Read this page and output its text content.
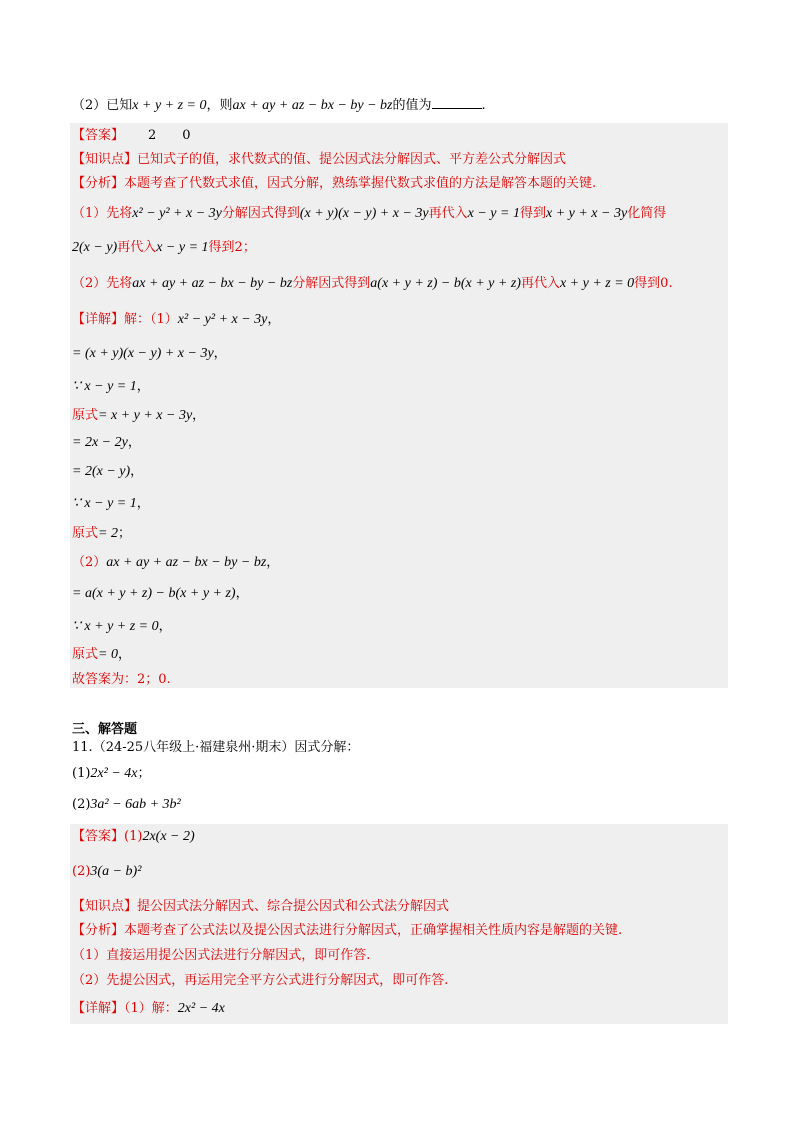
（2）已知x + y + z = 0，则ax + ay + az − bx − by − bz的值为	.
【答案】 2　　0
【知识点】已知式子的值，求代数式的值、提公因式法分解因式、平方差公式分解因式
【分析】本题考查了代数式求值，因式分解，熟练掌握代数式求值的方法是解答本题的关键.
（1）先将x² − y² + x − 3y分解因式得到(x + y)(x − y) + x − 3y再代入x − y = 1得到x + y + x − 3y化简得
2(x − y)再代入x − y = 1得到2；
（2）先将ax + ay + az − bx − by − bz分解因式得到a(x + y + z) − b(x + y + z)再代入x + y + z = 0得到0.
【详解】解：（1）x² − y² + x − 3y，
= (x + y)(x − y) + x − 3y，
∵ x − y = 1，
原式= x + y + x − 3y，
= 2x − 2y，
= 2(x − y)，
∵ x − y = 1，
原式= 2；
（2）ax + ay + az − bx − by − bz，
= a(x + y + z) − b(x + y + z)，
∵ x + y + z = 0，
原式= 0，
故答案为：2；0.
三、解答题
11.（24-25八年级上·福建泉州·期末）因式分解：
(1)2x² − 4x；
(2)3a² − 6ab + 3b²
【答案】(1)2x(x − 2)
(2)3(a − b)²
【知识点】提公因式法分解因式、综合提公因式和公式法分解因式
【分析】本题考查了公式法以及提公因式法进行分解因式，正确掌握相关性质内容是解题的关键.
（1）直接运用提公因式法进行分解因式，即可作答.
（2）先提公因式，再运用完全平方公式进行分解因式，即可作答.
【详解】（1）解：2x² − 4x
